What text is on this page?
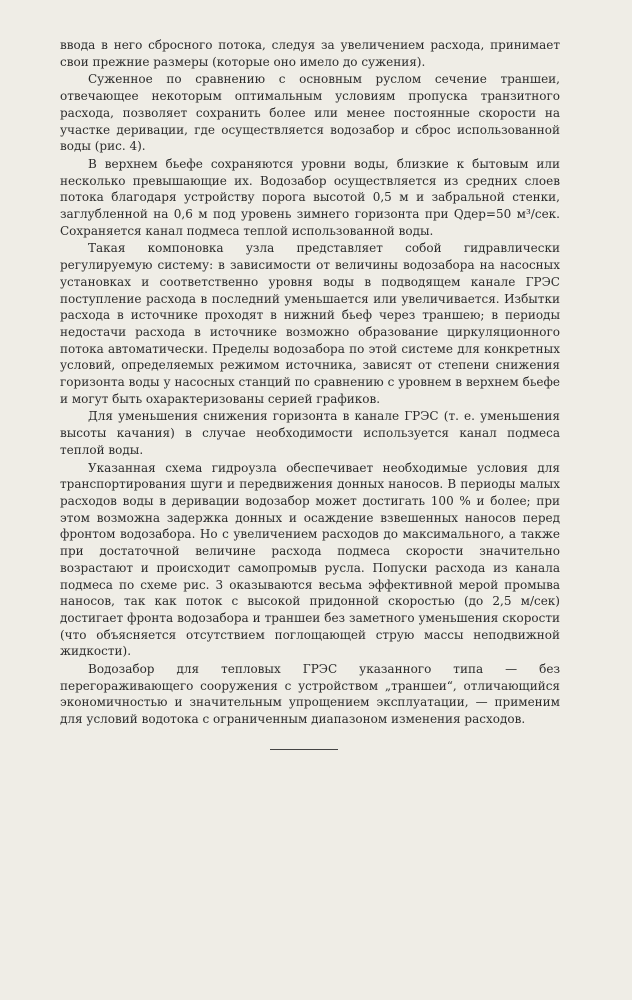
ввода в него сбросного потока, следуя за увеличением расхода, принимает свои прежние размеры (которые оно имело до сужения).

Суженное по сравнению с основным руслом сечение траншеи, отвечающее некоторым оптимальным условиям пропуска транзитного расхода, позволяет сохранить более или менее постоянные скорости на участке деривации, где осуществляется водозабор и сброс использованной воды (рис. 4).

В верхнем бьефе сохраняются уровни воды, близкие к бытовым или несколько превышающие их. Водозабор осуществляется из средних слоев потока благодаря устройству порога высотой 0,5 м и забральной стенки, заглубленной на 0,6 м под уровень зимнего горизонта при Qдер=50 м³/сек. Сохраняется канал подмеса теплой использованной воды.

Такая компоновка узла представляет собой гидравлически регулируемую систему: в зависимости от величины водозабора на насосных установках и соответственно уровня воды в подводящем канале ГРЭС поступление расхода в последний уменьшается или увеличивается. Избытки расхода в источнике проходят в нижний бьеф через траншею; в периоды недостачи расхода в источнике возможно образование циркуляционного потока автоматически. Пределы водозабора по этой системе для конкретных условий, определяемых режимом источника, зависят от степени снижения горизонта воды у насосных станций по сравнению с уровнем в верхнем бьефе и могут быть охарактеризованы серией графиков.

Для уменьшения снижения горизонта в канале ГРЭС (т. е. уменьшения высоты качания) в случае необходимости используется канал подмеса теплой воды.

Указанная схема гидроузла обеспечивает необходимые условия для транспортирования шуги и передвижения донных наносов. В периоды малых расходов воды в деривации водозабор может достигать 100 % и более; при этом возможна задержка донных и осаждение взвешенных наносов перед фронтом водозабора. Но с увеличением расходов до максимального, а также при достаточной величине расхода подмеса скорости значительно возрастают и происходит самопромыв русла. Попуски расхода из канала подмеса по схеме рис. 3 оказываются весьма эффективной мерой промыва наносов, так как поток с высокой придонной скоростью (до 2,5 м/сек) достигает фронта водозабора и траншеи без заметного уменьшения скорости (что объясняется отсутствием поглощающей струю массы неподвижной жидкости).

Водозабор для тепловых ГРЭС указанного типа — без перегораживающего сооружения с устройством „траншеи“, отличающийся экономичностью и значительным упрощением эксплуатации, — применим для условий водотока с ограниченным диапазоном изменения расходов.
